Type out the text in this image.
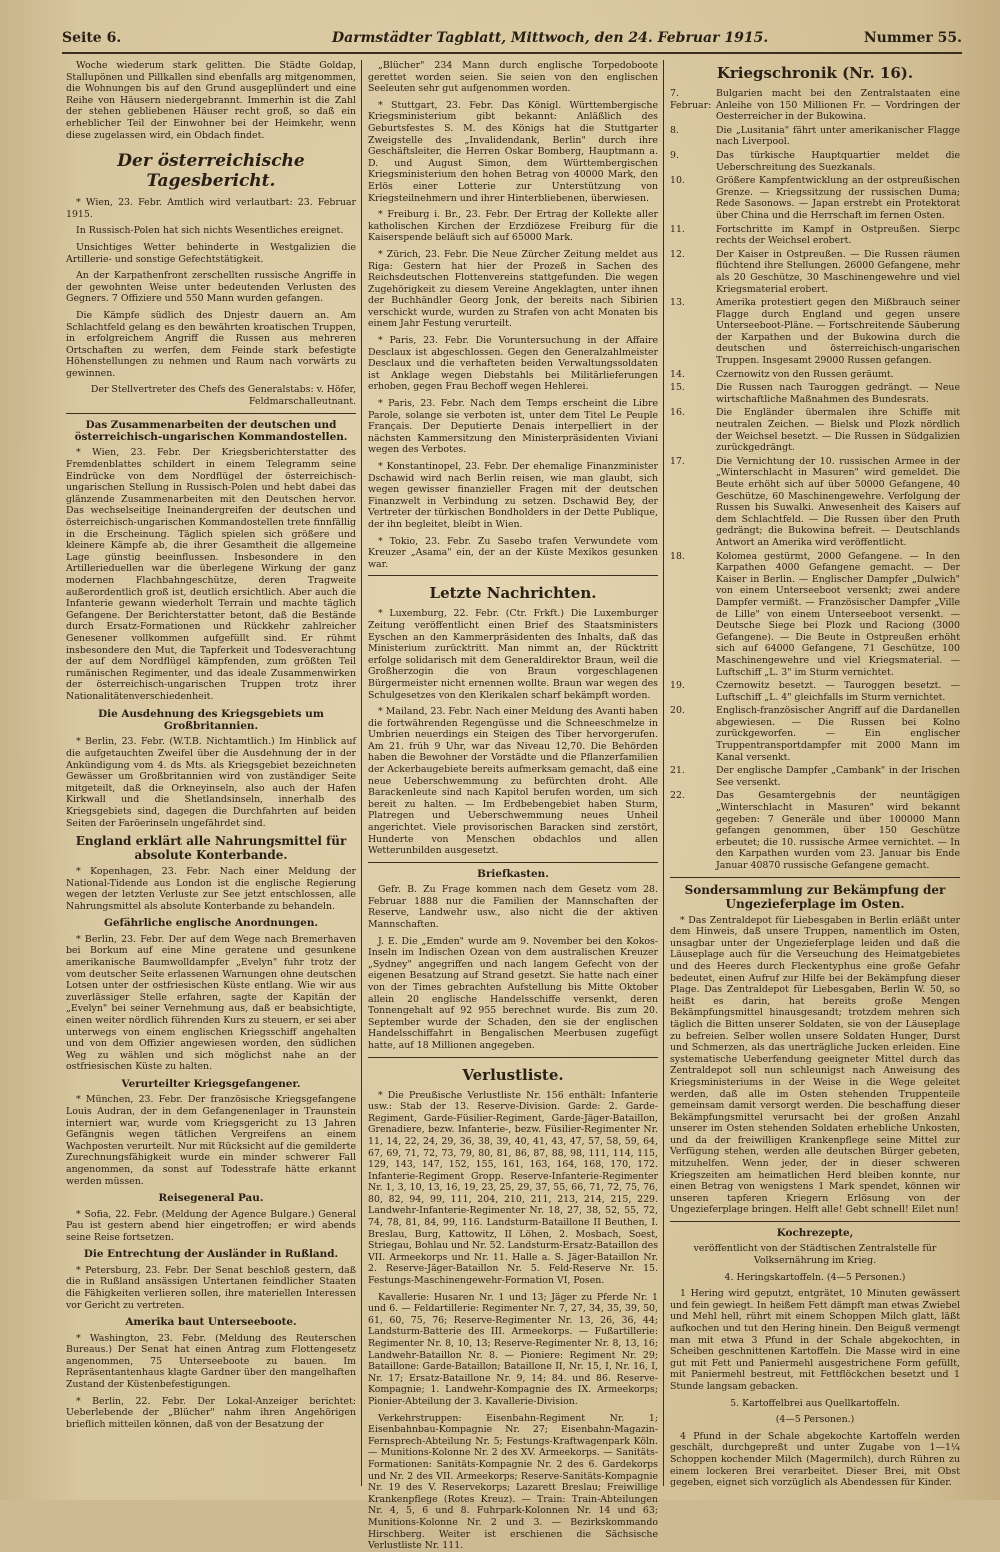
Seite 6.	Darmstädter Tagblatt, Mittwoch, den 24. Februar 1915.	Nummer 55.

Woche wiederum stark gelitten. Die Städte Goldap, Stallupönen und Pillkallen sind ebenfalls arg mitgenommen, die Wohnungen bis auf den Grund ausgeplündert und eine Reihe von Häusern niedergebrannt. Immerhin ist die Zahl der stehen gebliebenen Häuser recht groß, so daß ein erheblicher Teil der Einwohner bei der Heimkehr, wenn diese zugelassen wird, ein Obdach findet.

Der österreichische Tagesbericht.

* Wien, 23. Febr. Amtlich wird verlautbart: 23. Februar 1915.

In Russisch-Polen hat sich nichts Wesentliches ereignet.

Unsichtiges Wetter behinderte in Westgalizien die Artillerie- und sonstige Gefechtstätigkeit.

An der Karpathenfront zerschellten russische Angriffe in der gewohnten Weise unter bedeutenden Verlusten des Gegners. 7 Offiziere und 550 Mann wurden gefangen.

Die Kämpfe südlich des Dnjestr dauern an. Am Schlachtfeld gelang es den bewährten kroatischen Truppen, in erfolgreichem Angriff die Russen aus mehreren Ortschaften zu werfen, dem Feinde stark befestigte Höhenstellungen zu nehmen und Raum nach vorwärts zu gewinnen.

Der Stellvertreter des Chefs des Generalstabs: v. Höfer, Feldmarschalleutnant.

Das Zusammenarbeiten der deutschen und österreichisch-ungarischen Kommandostellen.

* Wien, 23. Febr. Der Kriegsberichterstatter des Fremdenblattes schildert in einem Telegramm seine Eindrücke von dem Nordflügel der österreichisch-ungarischen Stellung in Russisch-Polen und hebt dabei das glänzende Zusammenarbeiten mit den Deutschen hervor. Das wechselseitige Ineinandergreifen der deutschen und österreichisch-ungarischen Kommandostellen trete finnfällig in die Erscheinung. Täglich spielen sich größere und kleinere Kämpfe ab, die ihrer Gesamtheit die allgemeine Lage günstig beeinflussen. Insbesondere in den Artillerieduellen war die überlegene Wirkung der ganz modernen Flachbahngeschütze, deren Tragweite außerordentlich groß ist, deutlich ersichtlich. Aber auch die Infanterie gewann wiederholt Terrain und machte täglich Gefangene. Der Berichterstatter betont, daß die Bestände durch Ersatz-Formationen und Rückkehr zahlreicher Genesener vollkommen aufgefüllt sind. Er rühmt insbesondere den Mut, die Tapferkeit und Todesverachtung der auf dem Nordflügel kämpfenden, zum größten Teil rumänischen Regimenter, und das ideale Zusammenwirken der österreichisch-ungarischen Truppen trotz ihrer Nationalitätenverschiedenheit.

Die Ausdehnung des Kriegsgebiets um Großbritannien.

* Berlin, 23. Febr. (W.T.B. Nichtamtlich.) Im Hinblick auf die aufgetauchten Zweifel über die Ausdehnung der in der Ankündigung vom 4. ds Mts. als Kriegsgebiet bezeichneten Gewässer um Großbritannien wird von zuständiger Seite mitgeteilt, daß die Orkneyinseln, also auch der Hafen Kirkwall und die Shetlandsinseln, innerhalb des Kriegsgebiets sind, dagegen die Durchfahrten auf beiden Seiten der Faröerinseln ungefährdet sind.

England erklärt alle Nahrungsmittel für absolute Konterbande.

* Kopenhagen, 23. Febr. Nach einer Meldung der National-Tidende aus London ist die englische Regierung wegen der letzten Verluste zur See jetzt entschlossen, alle Nahrungsmittel als absolute Konterbande zu behandeln.

Gefährliche englische Anordnungen.

* Berlin, 23. Febr. Der auf dem Wege nach Bremerhaven bei Borkum auf eine Mine geratene und gesunkene amerikanische Baumwolldampfer „Evelyn" fuhr trotz der vom deutscher Seite erlassenen Warnungen ohne deutschen Lotsen unter der ostfriesischen Küste entlang. Wie wir aus zuverlässiger Stelle erfahren, sagte der Kapitän der „Evelyn" bei seiner Vernehmung aus, daß er beabsichtigte, einen weiter nördlich führenden Kurs zu steuern, er sei aber unterwegs von einem englischen Kriegsschiff angehalten und von dem Offizier angewiesen worden, den südlichen Weg zu wählen und sich möglichst nahe an der ostfriesischen Küste zu halten.

Verurteilter Kriegsgefangener.

* München, 23. Febr. Der französische Kriegsgefangene Louis Audran, der in dem Gefangenenlager in Traunstein interniert war, wurde vom Kriegsgericht zu 13 Jahren Gefängnis wegen tätlichen Vergreifens an einem Wachposten verurteilt. Nur mit Rücksicht auf die gemilderte Zurechnungsfähigkeit wurde ein minder schwerer Fall angenommen, da sonst auf Todesstrafe hätte erkannt werden müssen.

Reisegeneral Pau.

* Sofia, 22. Febr. (Meldung der Agence Bulgare.) General Pau ist gestern abend hier eingetroffen; er wird abends seine Reise fortsetzen.

Die Entrechtung der Ausländer in Rußland.

* Petersburg, 23. Febr. Der Senat beschloß gestern, daß die in Rußland ansässigen Untertanen feindlicher Staaten die Fähigkeiten verlieren sollen, ihre materiellen Interessen vor Gericht zu vertreten.

Amerika baut Unterseeboote.

* Washington, 23. Febr. (Meldung des Reuterschen Bureaus.) Der Senat hat einen Antrag zum Flottengesetz angenommen, 75 Unterseeboote zu bauen. Im Repräsentantenhaus klagte Gardner über den mangelhaften Zustand der Küstenbefestigungen.

* Berlin, 22. Febr. Der Lokal-Anzeiger berichtet: Ueberlebende der „Blücher" nahm ihren Angehörigen brieflich mitteilen können, daß von der Besatzung der

„Blücher" 234 Mann durch englische Torpedoboote gerettet worden seien. Sie seien von den englischen Seeleuten sehr gut aufgenommen worden.

* Stuttgart, 23. Febr. Das Königl. Württembergische Kriegsministerium gibt bekannt: Anläßlich des Geburtsfestes S. M. des Königs hat die Stuttgarter Zweigstelle des „Invalidendank, Berlin" durch ihre Geschäftsleiter, die Herren Oskar Bomberg, Hauptmann a. D. und August Simon, dem Württembergischen Kriegsministerium den hohen Betrag von 40000 Mark, den Erlös einer Lotterie zur Unterstützung von Kriegsteilnehmern und ihrer Hinterbliebenen, überwiesen.

* Freiburg i. Br., 23. Febr. Der Ertrag der Kollekte aller katholischen Kirchen der Erzdiözese Freiburg für die Kaiserspende beläuft sich auf 65000 Mark.

* Zürich, 23. Febr. Die Neue Zürcher Zeitung meldet aus Riga: Gestern hat hier der Prozeß in Sachen des Reichsdeutschen Flottenvereins stattgefunden. Die wegen Zugehörigkeit zu diesem Vereine Angeklagten, unter ihnen der Buchhändler Georg Jonk, der bereits nach Sibirien verschickt wurde, wurden zu Strafen von acht Monaten bis einem Jahr Festung verurteilt.

* Paris, 23. Febr. Die Voruntersuchung in der Affaire Desclaux ist abgeschlossen. Gegen den Generalzahlmeister Desclaux und die verhafteten beiden Verwaltungssoldaten ist Anklage wegen Diebstahls bei Militärlieferungen erhoben, gegen Frau Bechoff wegen Hehlerei.

* Paris, 23. Febr. Nach dem Temps erscheint die Libre Parole, solange sie verboten ist, unter dem Titel Le Peuple Français. Der Deputierte Denais interpelliert in der nächsten Kammersitzung den Ministerpräsidenten Viviani wegen des Verbotes.

* Konstantinopel, 23. Febr. Der ehemalige Finanzminister Dschawid wird nach Berlin reisen, wie man glaubt, sich wegen gewisser finanzieller Fragen mit der deutschen Finanzwelt in Verbindung zu setzen. Dschawid Bey, der Vertreter der türkischen Bondholders in der Dette Publique, der ihn begleitet, bleibt in Wien.

* Tokio, 23. Febr. Zu Sasebo trafen Verwundete vom Kreuzer „Asama" ein, der an der Küste Mexikos gesunken war.

Letzte Nachrichten.

* Luxemburg, 22. Febr. (Ctr. Frkft.) Die Luxemburger Zeitung veröffentlicht einen Brief des Staatsministers Eyschen an den Kammerpräsidenten des Inhalts, daß das Ministerium zurücktritt. Man nimmt an, der Rücktritt erfolge solidarisch mit dem Generaldirektor Braun, weil die Großherzogin die von Braun vorgeschlagenen Bürgermeister nicht ernennen wollte. Braun war wegen des Schulgesetzes von den Klerikalen scharf bekämpft worden.

* Mailand, 23. Febr. Nach einer Meldung des Avanti haben die fortwährenden Regengüsse und die Schneeschmelze in Umbrien neuerdings ein Steigen des Tiber hervorgerufen. Am 21. früh 9 Uhr, war das Niveau 12,70. Die Behörden haben die Bewohner der Vorstädte und die Pflanzerfamilien der Ackerbaugebiete bereits aufmerksam gemacht, daß eine neue Ueberschwemmung zu befürchten droht. Alle Barackenleute sind nach Kapitol berufen worden, um sich bereit zu halten. — Im Erdbebengebiet haben Sturm, Platregen und Ueberschwemmung neues Unheil angerichtet. Viele provisorischen Baracken sind zerstört, Hunderte von Menschen obdachlos und allen Wetterunbilden ausgesetzt.

Briefkasten.

Gefr. B. Zu Frage kommen nach dem Gesetz vom 28. Februar 1888 nur die Familien der Mannschaften der Reserve, Landwehr usw., also nicht die der aktiven Mannschaften.

J. E. Die „Emden" wurde am 9. November bei den Kokos-Inseln im Indischen Ozean von dem australischen Kreuzer „Sydney" angegriffen und nach langem Gefecht von der eigenen Besatzung auf Strand gesetzt. Sie hatte nach einer von der Times gebrachten Aufstellung bis Mitte Oktober allein 20 englische Handelsschiffe versenkt, deren Tonnengehalt auf 92 955 berechnet wurde. Bis zum 20. September wurde der Schaden, den sie der englischen Handelsschiffahrt in Bengalischen Meerbusen zugefügt hatte, auf 18 Millionen angegeben.

Verlustliste.

* Die Preußische Verlustliste Nr. 156 enthält: Infanterie usw.: Stab der 13. Reserve-Division. Garde: 2. Garde-Regiment, Garde-Füsilier-Regiment, Garde-Jäger-Bataillon, Grenadiere, bezw. Infanterie-, bezw. Füsilier-Regimenter Nr. 11, 14, 22, 24, 29, 36, 38, 39, 40, 41, 43, 47, 57, 58, 59, 64, 67, 69, 71, 72, 73, 79, 80, 81, 86, 87, 88, 98, 111, 114, 115, 129, 143, 147, 152, 155, 161, 163, 164, 168, 170, 172. Infanterie-Regiment Gropp. Reserve-Infanterie-Regimenter Nr. 1, 3, 10, 13, 16, 19, 23, 25, 29, 37, 55, 66, 71, 72, 75, 76, 80, 82, 94, 99, 111, 204, 210, 211, 213, 214, 215, 229. Landwehr-Infanterie-Regimenter Nr. 18, 27, 38, 52, 55, 72, 74, 78, 81, 84, 99, 116. Landsturm-Bataillone II Beuthen, I. Breslau, Burg, Kattowitz, II Löhen, 2. Mosbach, Soest, Striegau, Bohlau und Nr. 52. Landsturm-Ersatz-Bataillon des VII. Armeekorps und Nr. 11. Halle a. S. Jäger-Bataillon Nr. 2. Reserve-Jäger-Bataillon Nr. 5. Feld-Reserve Nr. 15. Festungs-Maschinengewehr-Formation VI, Posen.

Kavallerie: Husaren Nr. 1 und 13; Jäger zu Pferde Nr. 1 und 6. — Feldartillerie: Regimenter Nr. 7, 27, 34, 35, 39, 50, 61, 60, 75, 76; Reserve-Regimenter Nr. 13, 26, 36, 44; Landsturm-Batterie des III. Armeekorps. — Fußartillerie: Regimenter Nr. 8, 10, 13; Reserve-Regimenter Nr. 8, 13, 16; Landwehr-Bataillon Nr. 8. — Pioniere: Regiment Nr. 29; Bataillone: Garde-Bataillon; Bataillone II, Nr. 15, I, Nr. 16, I, Nr. 17; Ersatz-Bataillone Nr. 9, 14; 84. und 86. Reserve-Kompagnie; 1. Landwehr-Kompagnie des IX. Armeekorps; Pionier-Abteilung der 3. Kavallerie-Division.

Verkehrstruppen: Eisenbahn-Regiment Nr. 1; Eisenbahnbau-Kompagnie Nr. 27; Eisenbahn-Magazin-Fernsprech-Abteilung Nr. 5; Festungs-Kraftwagenpark Köln. — Munitions-Kolonne Nr. 2 des XV. Armeekorps. — Sanitäts-Formationen: Sanitäts-Kompagnie Nr. 2 des 6. Gardekorps und Nr. 2 des VII. Armeekorps; Reserve-Sanitäts-Kompagnie Nr. 19 des V. Reservekorps; Lazarett Breslau; Freiwillige Krankenpflege (Rotes Kreuz). — Train: Train-Abteilungen Nr. 4, 5, 6 und 8. Fuhrpark-Kolonnen Nr. 14 und 63; Munitions-Kolonne Nr. 2 und 3. — Bezirkskommando Hirschberg. Weiter ist erschienen die Sächsische Verlustliste Nr. 111.

Kriegschronik (Nr. 16).
7. Februar:
Bulgarien macht bei den Zentralstaaten eine Anleihe von 150 Millionen Fr. — Vordringen der Oesterreicher in der Bukowina.
8.	Die „Lusitania" fährt unter amerikanischer Flagge nach Liverpool.
9.	Das türkische Hauptquartier meldet die Ueberschreitung des Suezkanals.
10.	Größere Kampfentwicklung an der ostpreußischen Grenze. — Kriegssitzung der russischen Duma; Rede Sasonows. — Japan erstrebt ein Protektorat über China und die Herrschaft im fernen Osten.
11.	Fortschritte im Kampf in Ostpreußen. Sierpc rechts der Weichsel erobert.
12.	Der Kaiser in Ostpreußen. — Die Russen räumen flüchtend ihre Stellungen. 26000 Gefangene, mehr als 20 Geschütze, 30 Maschinengewehre und viel Kriegsmaterial erobert.
13.	Amerika protestiert gegen den Mißbrauch seiner Flagge durch England und gegen unsere Unterseeboot-Pläne. — Fortschreitende Säuberung der Karpathen und der Bukowina durch die deutschen und österreichisch-ungarischen Truppen. Insgesamt 29000 Russen gefangen.
14.	Czernowitz von den Russen geräumt.
15.	Die Russen nach Tauroggen gedrängt. — Neue wirtschaftliche Maßnahmen des Bundesrats.
16.	Die Engländer übermalen ihre Schiffe mit neutralen Zeichen. — Bielsk und Plozk nördlich der Weichsel besetzt. — Die Russen in Südgalizien zurückgedrängt.
17.	Die Vernichtung der 10. russischen Armee in der „Winterschlacht in Masuren" wird gemeldet. Die Beute erhöht sich auf über 50000 Gefangene, 40 Geschütze, 60 Maschinengewehre. Verfolgung der Russen bis Suwalki. Anwesenheit des Kaisers auf dem Schlachtfeld. — Die Russen über den Pruth gedrängt; die Bukowina befreit. — Deutschlands Antwort an Amerika wird veröffentlicht.
18.	Kolomea gestürmt, 2000 Gefangene. — In den Karpathen 4000 Gefangene gemacht. — Der Kaiser in Berlin. — Englischer Dampfer „Dulwich" von einem Unterseeboot versenkt; zwei andere Dampfer vermißt. — Französischer Dampfer „Ville de Lille" von einem Unterseeboot versenkt. — Deutsche Siege bei Plozk und Raciong (3000 Gefangene). — Die Beute in Ostpreußen erhöht sich auf 64000 Gefangene, 71 Geschütze, 100 Maschinengewehre und viel Kriegsmaterial. — Luftschiff „L. 3" im Sturm vernichtet.
19.	Czernowitz besetzt. — Tauroggen besetzt. — Luftschiff „L. 4" gleichfalls im Sturm vernichtet.
20.	Englisch-französischer Angriff auf die Dardanellen abgewiesen. — Die Russen bei Kolno zurückgeworfen. — Ein englischer Truppentransportdampfer mit 2000 Mann im Kanal versenkt.
21.	Der englische Dampfer „Cambank" in der Irischen See versenkt.
22.	Das Gesamtergebnis der neuntägigen „Winterschlacht in Masuren" wird bekannt gegeben: 7 Generäle und über 100000 Mann gefangen genommen, über 150 Geschütze erbeutet; die 10. russische Armee vernichtet. — In den Karpathen wurden vom 23. Januar bis Ende Januar 40870 russische Gefangene gemacht.
Sondersammlung zur Bekämpfung der Ungezieferplage im Osten.

* Das Zentraldepot für Liebesgaben in Berlin erläßt unter dem Hinweis, daß unsere Truppen, namentlich im Osten, unsagbar unter der Ungezieferplage leiden und daß die Läuseplage auch für die Verseuchung des Heimatgebietes und des Heeres durch Fleckentyphus eine große Gefahr bedeutet, einen Aufruf zur Hilfe bei der Bekämpfung dieser Plage. Das Zentraldepot für Liebesgaben, Berlin W. 50, so heißt es darin, hat bereits große Mengen Bekämpfungsmittel hinausgesandt; trotzdem mehren sich täglich die Bitten unserer Soldaten, sie von der Läuseplage zu befreien. Selber wollen unsere Soldaten Hunger, Durst und Schmerzen, als das unerträgliche Jucken erleiden. Eine systematische Ueberfendung geeigneter Mittel durch das Zentraldepot soll nun schleunigst nach Anweisung des Kriegsministeriums in der Weise in die Wege geleitet werden, daß alle im Osten stehenden Truppenteile gemeinsam damit versorgt werden. Die beschaffung dieser Bekämpfungsmittel verursacht bei der großen Anzahl unserer im Osten stehenden Soldaten erhebliche Unkosten, und da der freiwilligen Krankenpflege seine Mittel zur Verfügung stehen, werden alle deutschen Bürger gebeten, mitzuhelfen. Wenn jeder, der in dieser schweren Kriegszeiten am heimatlichen Herd bleiben konnte, nur einen Betrag von wenigstens 1 Mark spendet, können wir unseren tapferen Kriegern Erlösung von der Ungezieferplage bringen. Helft alle! Gebt schnell! Eilet nun!

Kochrezepte,

veröffentlicht von der Städtischen Zentralstelle für Volksernährung im Krieg.

4. Heringskartoffeln. (4—5 Personen.)

1 Hering wird geputzt, entgrätet, 10 Minuten gewässert und fein gewiegt. In heißem Fett dämpft man etwas Zwiebel und Mehl hell, rührt mit einem Schoppen Milch glatt, läßt aufkochen und tut den Hering hinein. Den Beiguß vermengt man mit etwa 3 Pfund in der Schale abgekochten, in Scheiben geschnittenen Kartoffeln. Die Masse wird in eine gut mit Fett und Paniermehl ausgestrichene Form gefüllt, mit Paniermehl bestreut, mit Fettflöckchen besetzt und 1 Stunde langsam gebacken.

5. Kartoffelbrei aus Quellkartoffeln.

(4—5 Personen.)

4 Pfund in der Schale abgekochte Kartoffeln werden geschält, durchgepreßt und unter Zugabe von 1—1¼ Schoppen kochender Milch (Magermilch), durch Rühren zu einem lockeren Brei verarbeitet. Dieser Brei, mit Obst gegeben, eignet sich vorzüglich als Abendessen für Kinder.
